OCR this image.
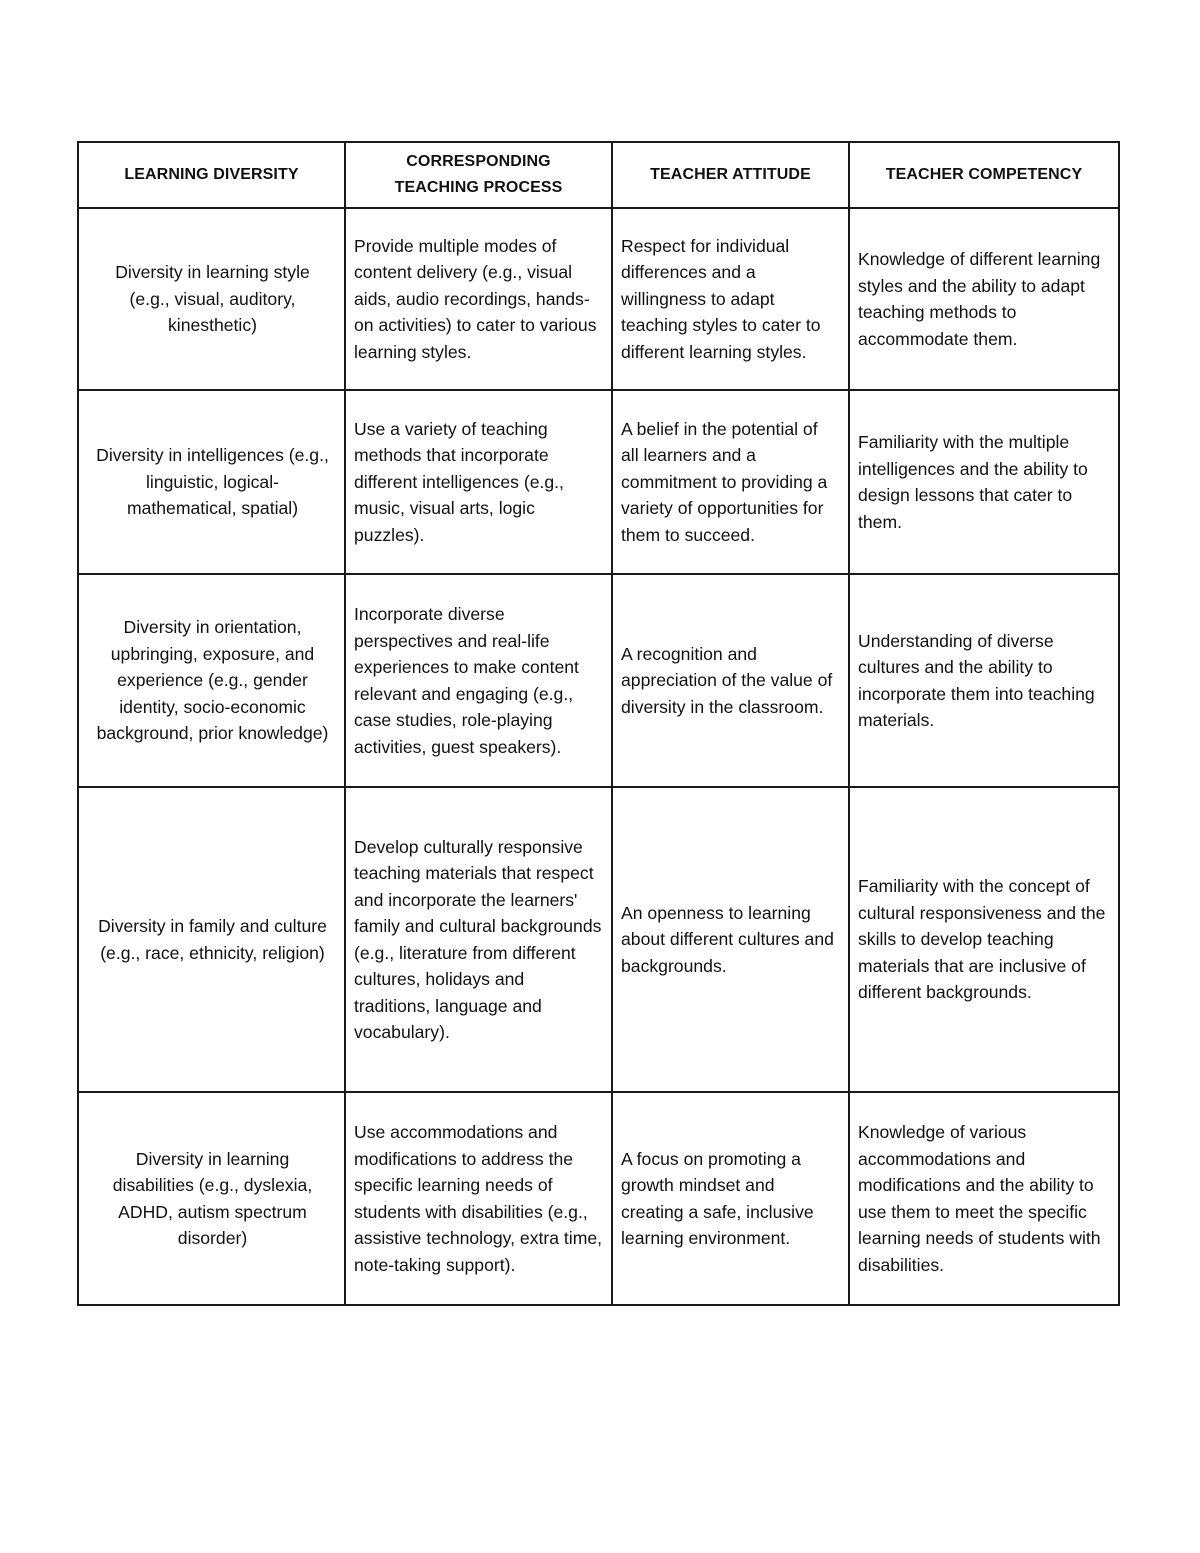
LEARNING DIVERSITY	CORRESPONDING TEACHING PROCESS	TEACHER ATTITUDE	TEACHER COMPETENCY
Diversity in learning style (e.g., visual, auditory, kinesthetic)	Provide multiple modes of content delivery (e.g., visual aids, audio recordings, hands-on activities) to cater to various learning styles.	Respect for individual differences and a willingness to adapt teaching styles to cater to different learning styles.	Knowledge of different learning styles and the ability to adapt teaching methods to accommodate them.
Diversity in intelligences (e.g., linguistic, logical-mathematical, spatial)	Use a variety of teaching methods that incorporate different intelligences (e.g., music, visual arts, logic puzzles).	A belief in the potential of all learners and a commitment to providing a variety of opportunities for them to succeed.	Familiarity with the multiple intelligences and the ability to design lessons that cater to them.
Diversity in orientation, upbringing, exposure, and experience (e.g., gender identity, socio-economic background, prior knowledge)	Incorporate diverse perspectives and real-life experiences to make content relevant and engaging (e.g., case studies, role-playing activities, guest speakers).	A recognition and appreciation of the value of diversity in the classroom.	Understanding of diverse cultures and the ability to incorporate them into teaching materials.
Diversity in family and culture (e.g., race, ethnicity, religion)	Develop culturally responsive teaching materials that respect and incorporate the learners' family and cultural backgrounds (e.g., literature from different cultures, holidays and traditions, language and vocabulary).	An openness to learning about different cultures and backgrounds.	Familiarity with the concept of cultural responsiveness and the skills to develop teaching materials that are inclusive of different backgrounds.
Diversity in learning disabilities (e.g., dyslexia, ADHD, autism spectrum disorder)	Use accommodations and modifications to address the specific learning needs of students with disabilities (e.g., assistive technology, extra time, note-taking support).	A focus on promoting a growth mindset and creating a safe, inclusive learning environment.	Knowledge of various accommodations and modifications and the ability to use them to meet the specific learning needs of students with disabilities.
